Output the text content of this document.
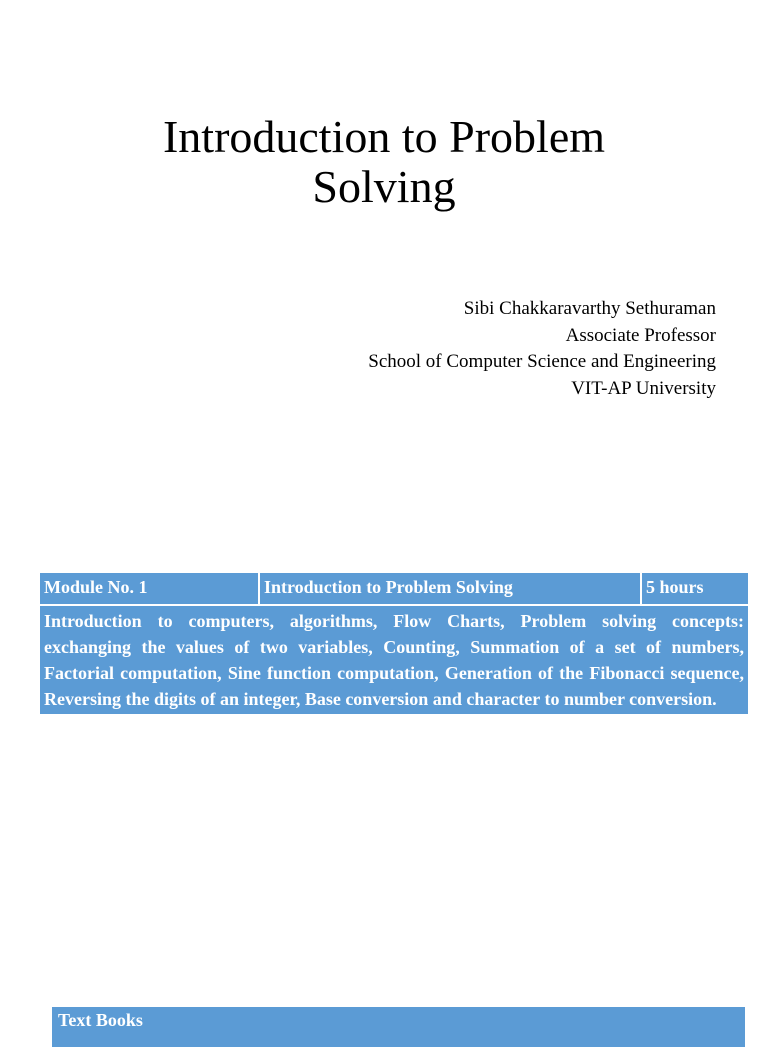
Introduction to Problem
Solving
Sibi Chakkaravarthy Sethuraman
Associate Professor
School of Computer Science and Engineering
VIT-AP University
Module No. 1	Introduction to Problem Solving	5 hours

Introduction to computers, algorithms, Flow Charts, Problem solving concepts: exchanging the values of two variables, Counting, Summation of a set of numbers, Factorial computation, Sine function computation, Generation of the Fibonacci sequence, Reversing the digits of an integer, Base conversion and character to number conversion.

Text Books
